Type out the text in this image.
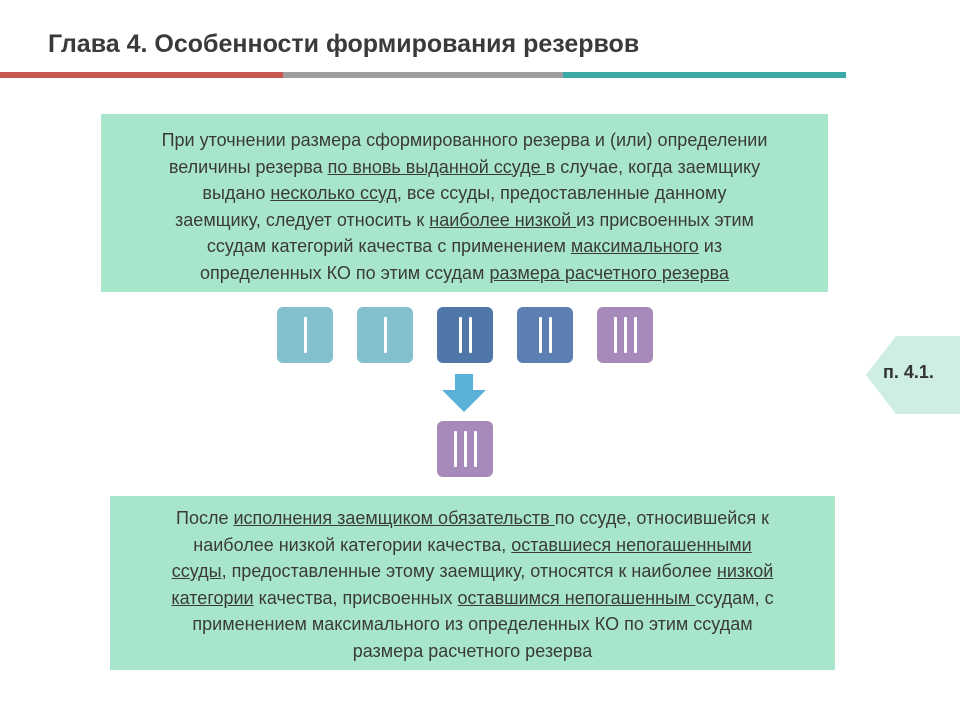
Глава 4. Особенности формирования резервов
При уточнении размера сформированного резерва и (или) определении
величины резерва по вновь выданной ссуде в случае, когда заемщику
выдано несколько ссуд, все ссуды, предоставленные данному
заемщику, следует относить к наиболее низкой из присвоенных этим
ссудам категорий качества с применением максимального из
определенных КО по этим ссудам размера расчетного резерва
п. 4.1.
После исполнения заемщиком обязательств по ссуде, относившейся к
наиболее низкой категории качества, оставшиеся непогашенными
ссуды, предоставленные этому заемщику, относятся к наиболее низкой
категории качества, присвоенных оставшимся непогашенным ссудам, с
применением максимального из определенных КО по этим ссудам
размера расчетного резерва
